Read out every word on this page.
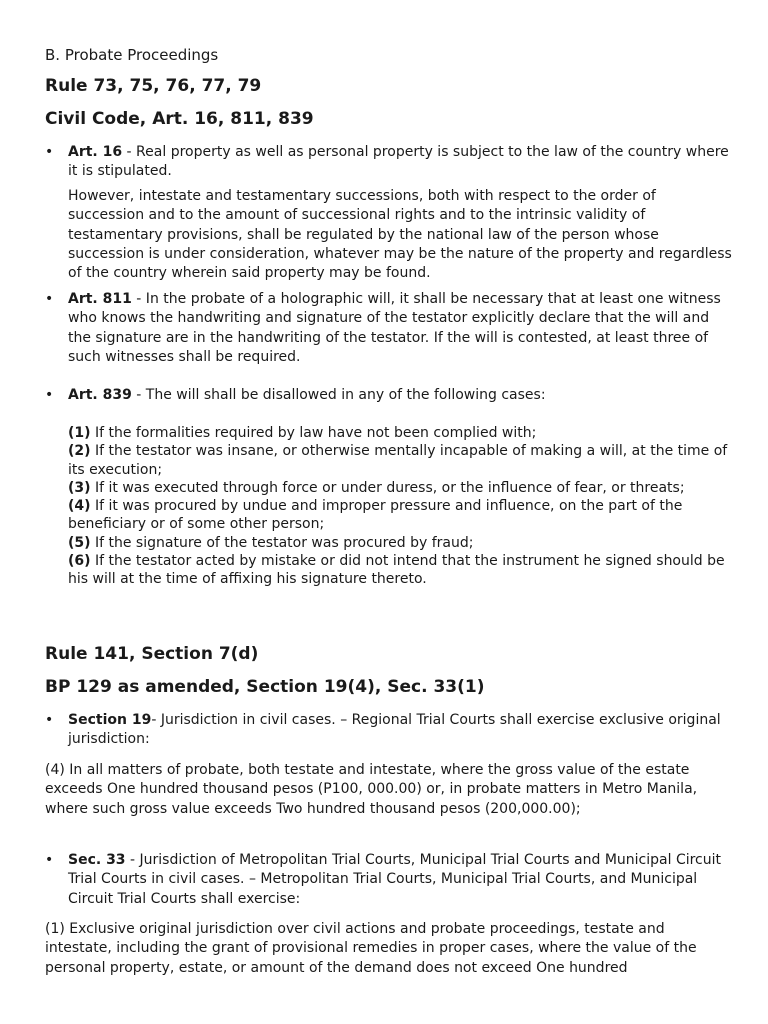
B. Probate Proceedings
Rule 73, 75, 76, 77, 79
Civil Code, Art. 16, 811, 839
• Art. 16 - Real property as well as personal property is subject to the law of the country where it is stipulated.
However, intestate and testamentary successions, both with respect to the order of succession and to the amount of successional rights and to the intrinsic validity of testamentary provisions, shall be regulated by the national law of the person whose succession is under consideration, whatever may be the nature of the property and regardless of the country wherein said property may be found.
• Art. 811 - In the probate of a holographic will, it shall be necessary that at least one witness who knows the handwriting and signature of the testator explicitly declare that the will and the signature are in the handwriting of the testator. If the will is contested, at least three of such witnesses shall be required.
• Art. 839 - The will shall be disallowed in any of the following cases:
(1) If the formalities required by law have not been complied with;
(2) If the testator was insane, or otherwise mentally incapable of making a will, at the time of its execution;
(3) If it was executed through force or under duress, or the influence of fear, or threats;
(4) If it was procured by undue and improper pressure and influence, on the part of the beneficiary or of some other person;
(5) If the signature of the testator was procured by fraud;
(6) If the testator acted by mistake or did not intend that the instrument he signed should be his will at the time of affixing his signature thereto.
Rule 141, Section 7(d)
BP 129 as amended, Section 19(4), Sec. 33(1)
• Section 19- Jurisdiction in civil cases. – Regional Trial Courts shall exercise exclusive original jurisdiction:
(4) In all matters of probate, both testate and intestate, where the gross value of the estate exceeds One hundred thousand pesos (P100, 000.00) or, in probate matters in Metro Manila, where such gross value exceeds Two hundred thousand pesos (200,000.00);
• Sec. 33 - Jurisdiction of Metropolitan Trial Courts, Municipal Trial Courts and Municipal Circuit Trial Courts in civil cases. – Metropolitan Trial Courts, Municipal Trial Courts, and Municipal Circuit Trial Courts shall exercise:
(1) Exclusive original jurisdiction over civil actions and probate proceedings, testate and intestate, including the grant of provisional remedies in proper cases, where the value of the personal property, estate, or amount of the demand does not exceed One hundred
